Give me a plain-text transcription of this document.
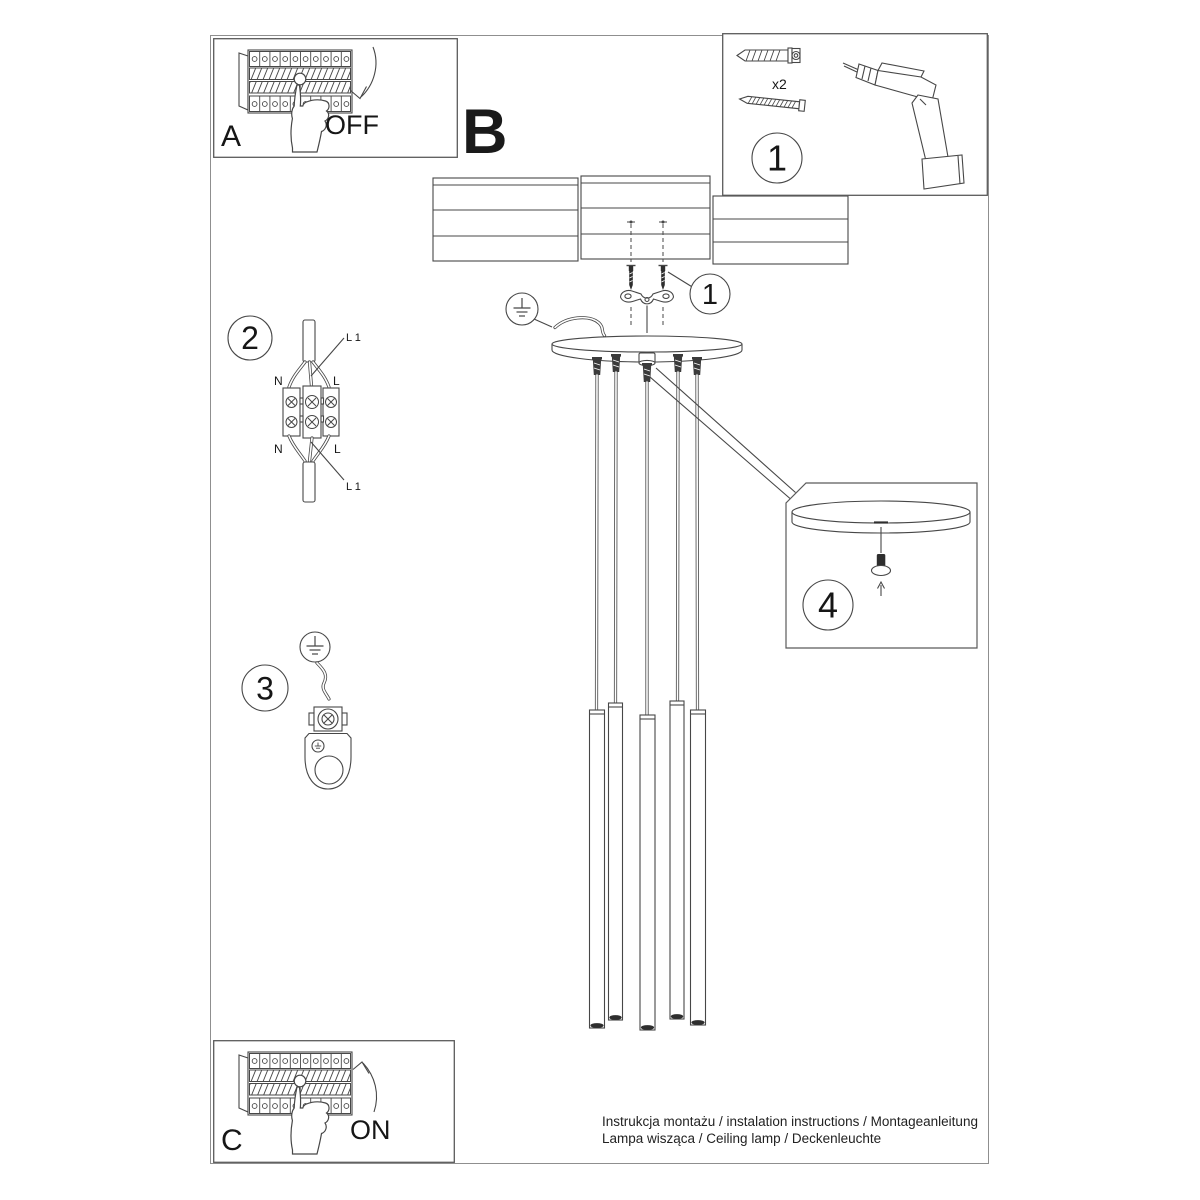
B
1
4
OFF
A
x2
1
2	L 1
N	L
N	L
L 1
3
ON
C
Instrukcja montażu / instalation instructions / Montageanleitung
Lampa wisząca / Ceiling lamp / Deckenleuchte
